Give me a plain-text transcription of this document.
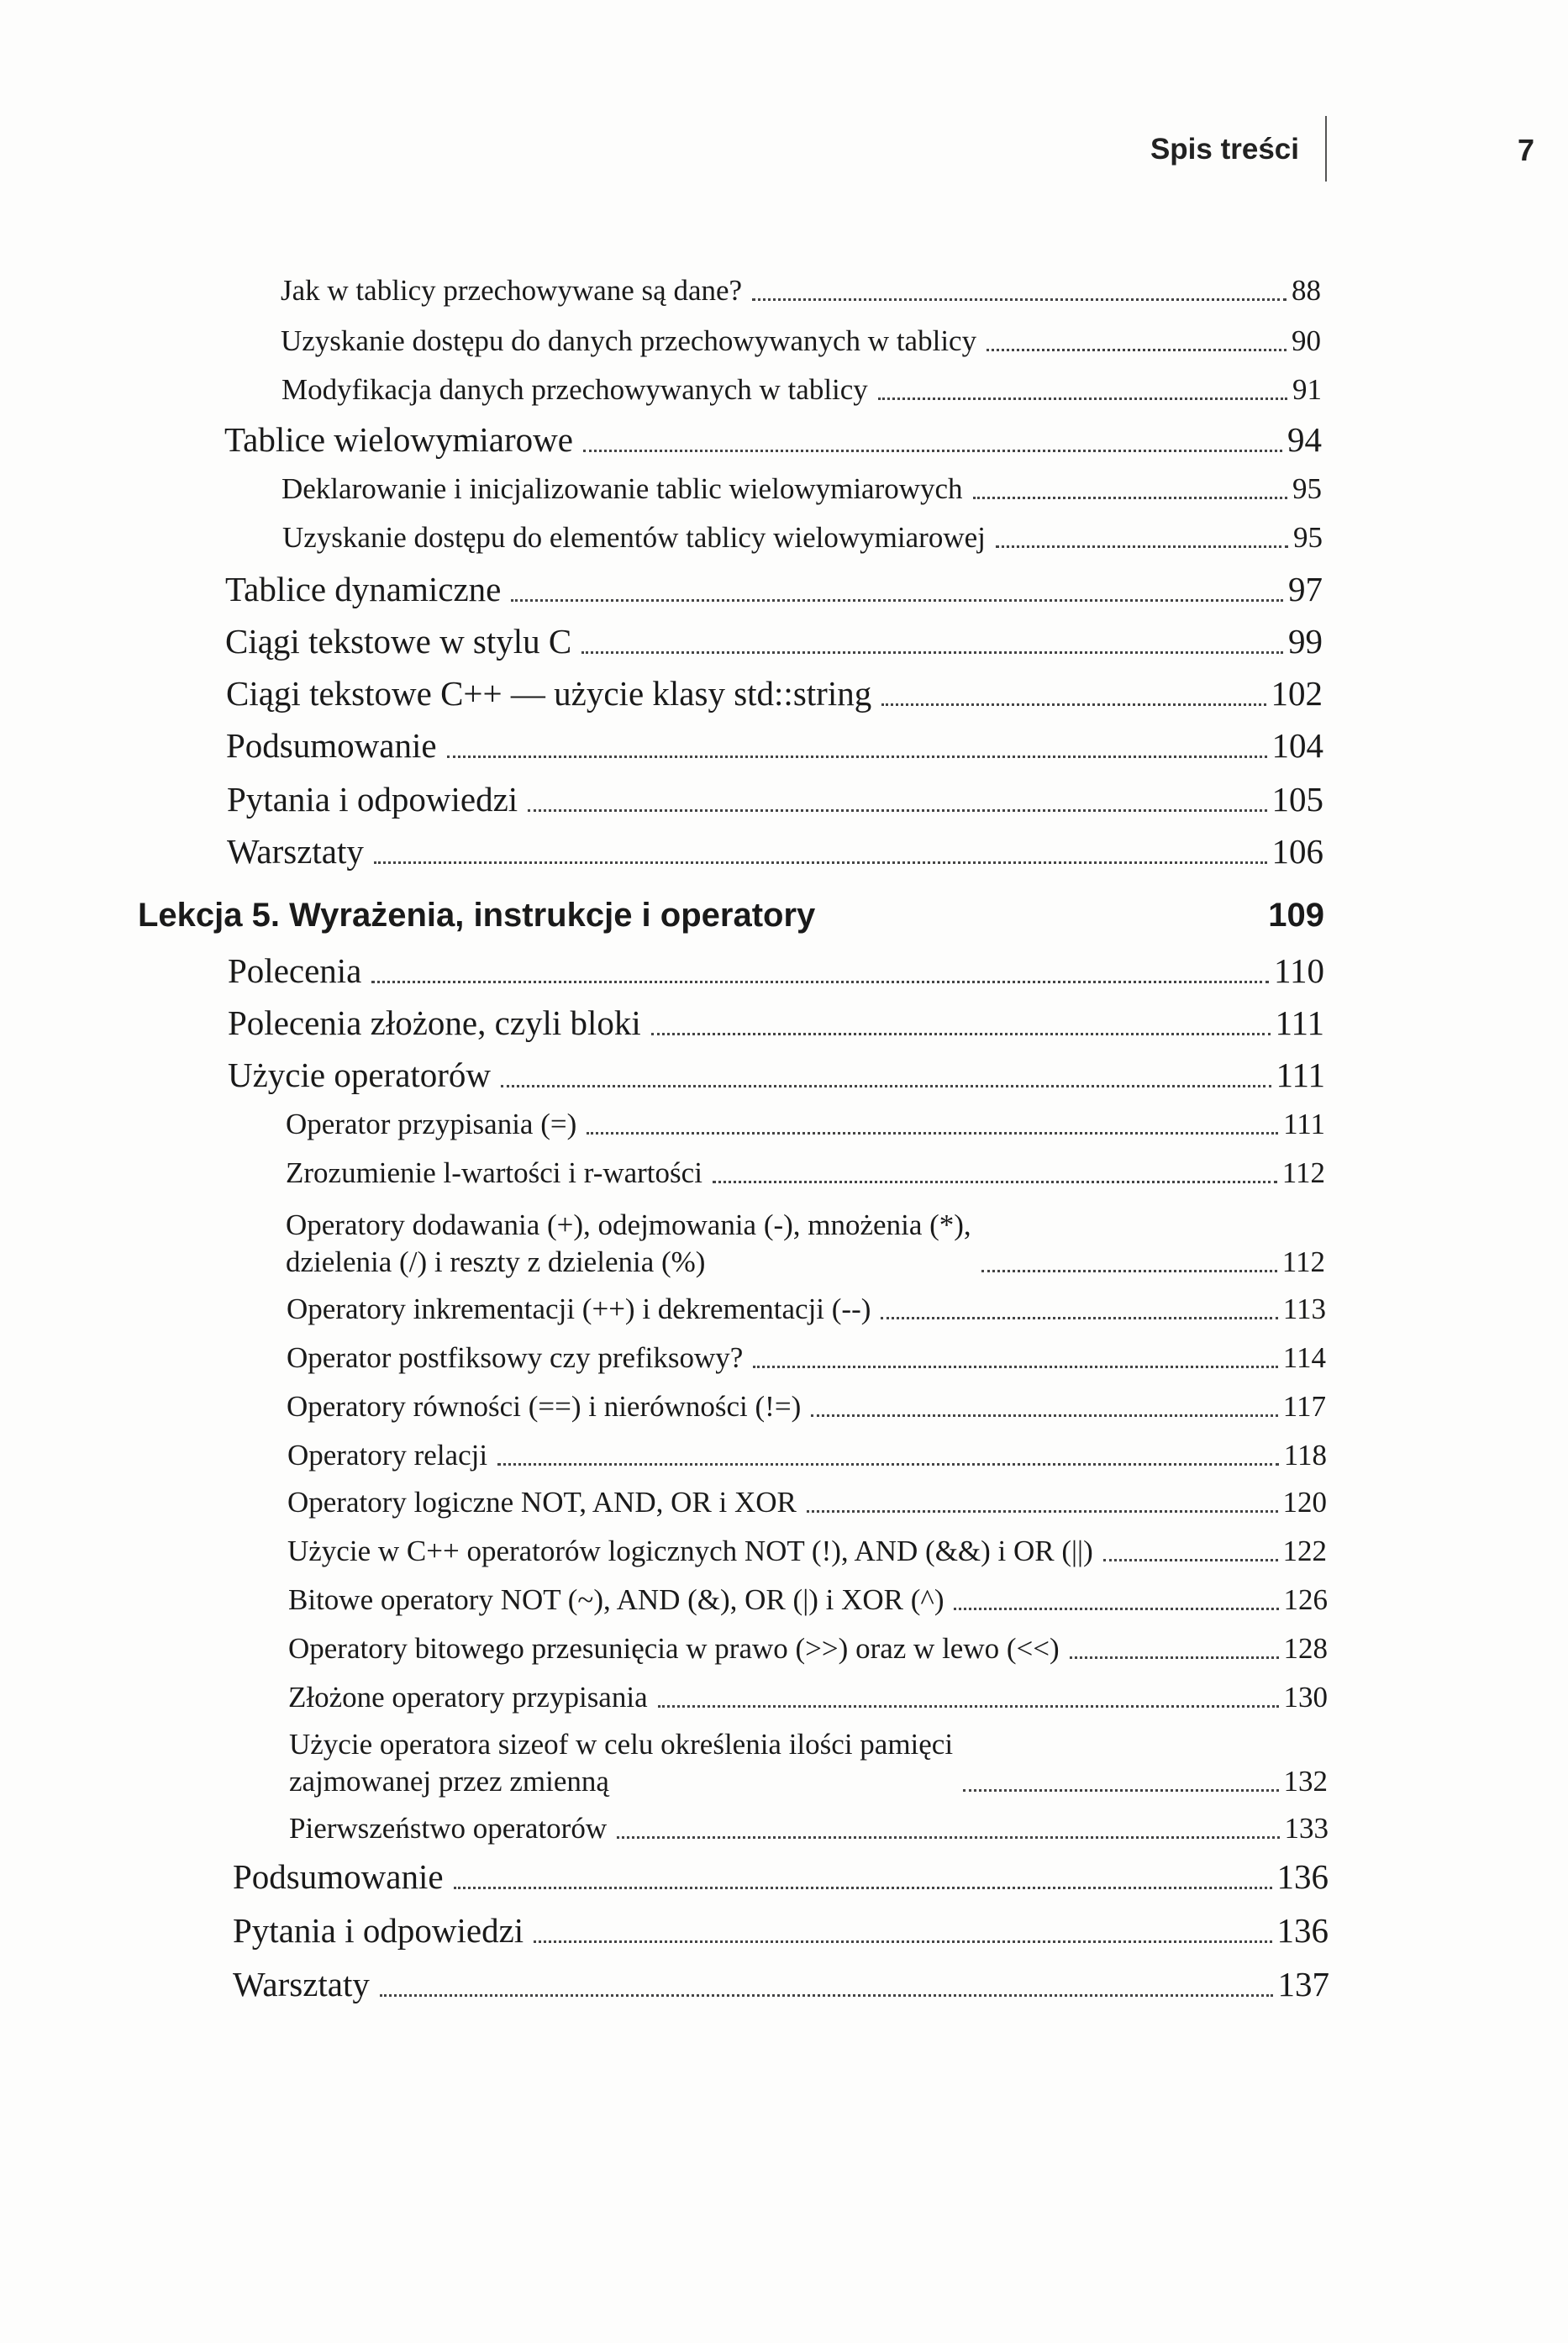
Spis treści	7
Jak w tablicy przechowywane są dane?	88
Uzyskanie dostępu do danych przechowywanych w tablicy	90
Modyfikacja danych przechowywanych w tablicy	91
Tablice wielowymiarowe	94
Deklarowanie i inicjalizowanie tablic wielowymiarowych	95
Uzyskanie dostępu do elementów tablicy wielowymiarowej	95
Tablice dynamiczne	97
Ciągi tekstowe w stylu C	99
Ciągi tekstowe C++ — użycie klasy std::string	102
Podsumowanie	104
Pytania i odpowiedzi	105
Warsztaty	106
Lekcja 5. Wyrażenia, instrukcje i operatory	109
Polecenia	110
Polecenia złożone, czyli bloki	111
Użycie operatorów	111
Operator przypisania (=)	111
Zrozumienie l-wartości i r-wartości	112
Operatory dodawania (+), odejmowania (-), mnożenia (*),
dzielenia (/) i reszty z dzielenia (%)	112
Operatory inkrementacji (++) i dekrementacji (--)	113
Operator postfiksowy czy prefiksowy?	114
Operatory równości (==) i nierówności (!=)	117
Operatory relacji	118
Operatory logiczne NOT, AND, OR i XOR	120
Użycie w C++ operatorów logicznych NOT (!), AND (&&) i OR (||)	122
Bitowe operatory NOT (~), AND (&), OR (|) i XOR (^)	126
Operatory bitowego przesunięcia w prawo (>>) oraz w lewo (<<)	128
Złożone operatory przypisania	130
Użycie operatora sizeof w celu określenia ilości pamięci
zajmowanej przez zmienną	132
Pierwszeństwo operatorów	133
Podsumowanie	136
Pytania i odpowiedzi	136
Warsztaty	137
